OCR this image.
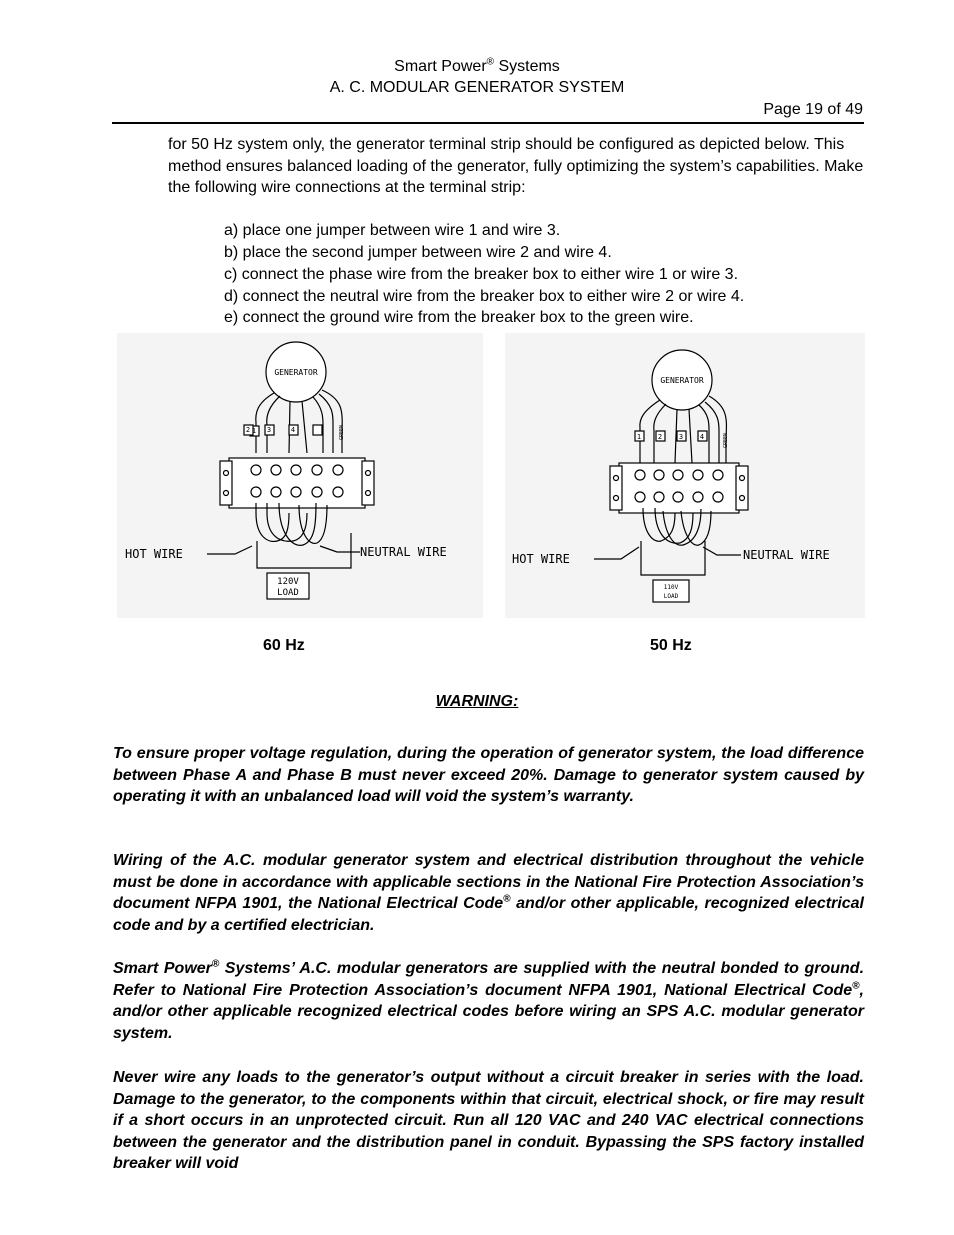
Smart Power® Systems
A. C. MODULAR GENERATOR SYSTEM
Page 19 of 49
for 50 Hz system only, the generator terminal strip should be configured as depicted below. This method ensures balanced loading of the generator, fully optimizing the system’s capabilities. Make the following wire connections at the terminal strip:
a) place one jumper between wire 1 and wire 3.
b) place the second jumper between wire 2 and wire 4.
c) connect the phase wire from the breaker box to either wire 1 or wire 3.
d) connect the neutral wire from the breaker box to either wire 2 or wire 4.
e) connect the ground wire from the breaker box to the green wire.
GENERATOR
1
2 3	4	GREEN
HOT WIRE	NEUTRAL WIRE
120V
LOAD
GENERATOR
1 2 3 4	GREEN
HOT WIRE	NEUTRAL WIRE
110V
LOAD
60 Hz	50 Hz
WARNING:
To ensure proper voltage regulation, during the operation of generator system, the load difference between Phase A and Phase B must never exceed 20%. Damage to generator system caused by operating it with an unbalanced load will void the system’s warranty.
Wiring of the A.C. modular generator system and electrical distribution throughout the vehicle must be done in accordance with applicable sections in the National Fire Protection Association’s document NFPA 1901, the National Electrical Code® and/or other applicable, recognized electrical code and by a certified electrician.
Smart Power® Systems’ A.C. modular generators are supplied with the neutral bonded to ground. Refer to National Fire Protection Association’s document NFPA 1901, National Electrical Code®, and/or other applicable recognized electrical codes before wiring an SPS A.C. modular generator system.
Never wire any loads to the generator’s output without a circuit breaker in series with the load. Damage to the generator, to the components within that circuit, electrical shock, or fire may result if a short occurs in an unprotected circuit. Run all 120 VAC and 240 VAC electrical connections between the generator and the distribution panel in conduit. Bypassing the SPS factory installed breaker will void
